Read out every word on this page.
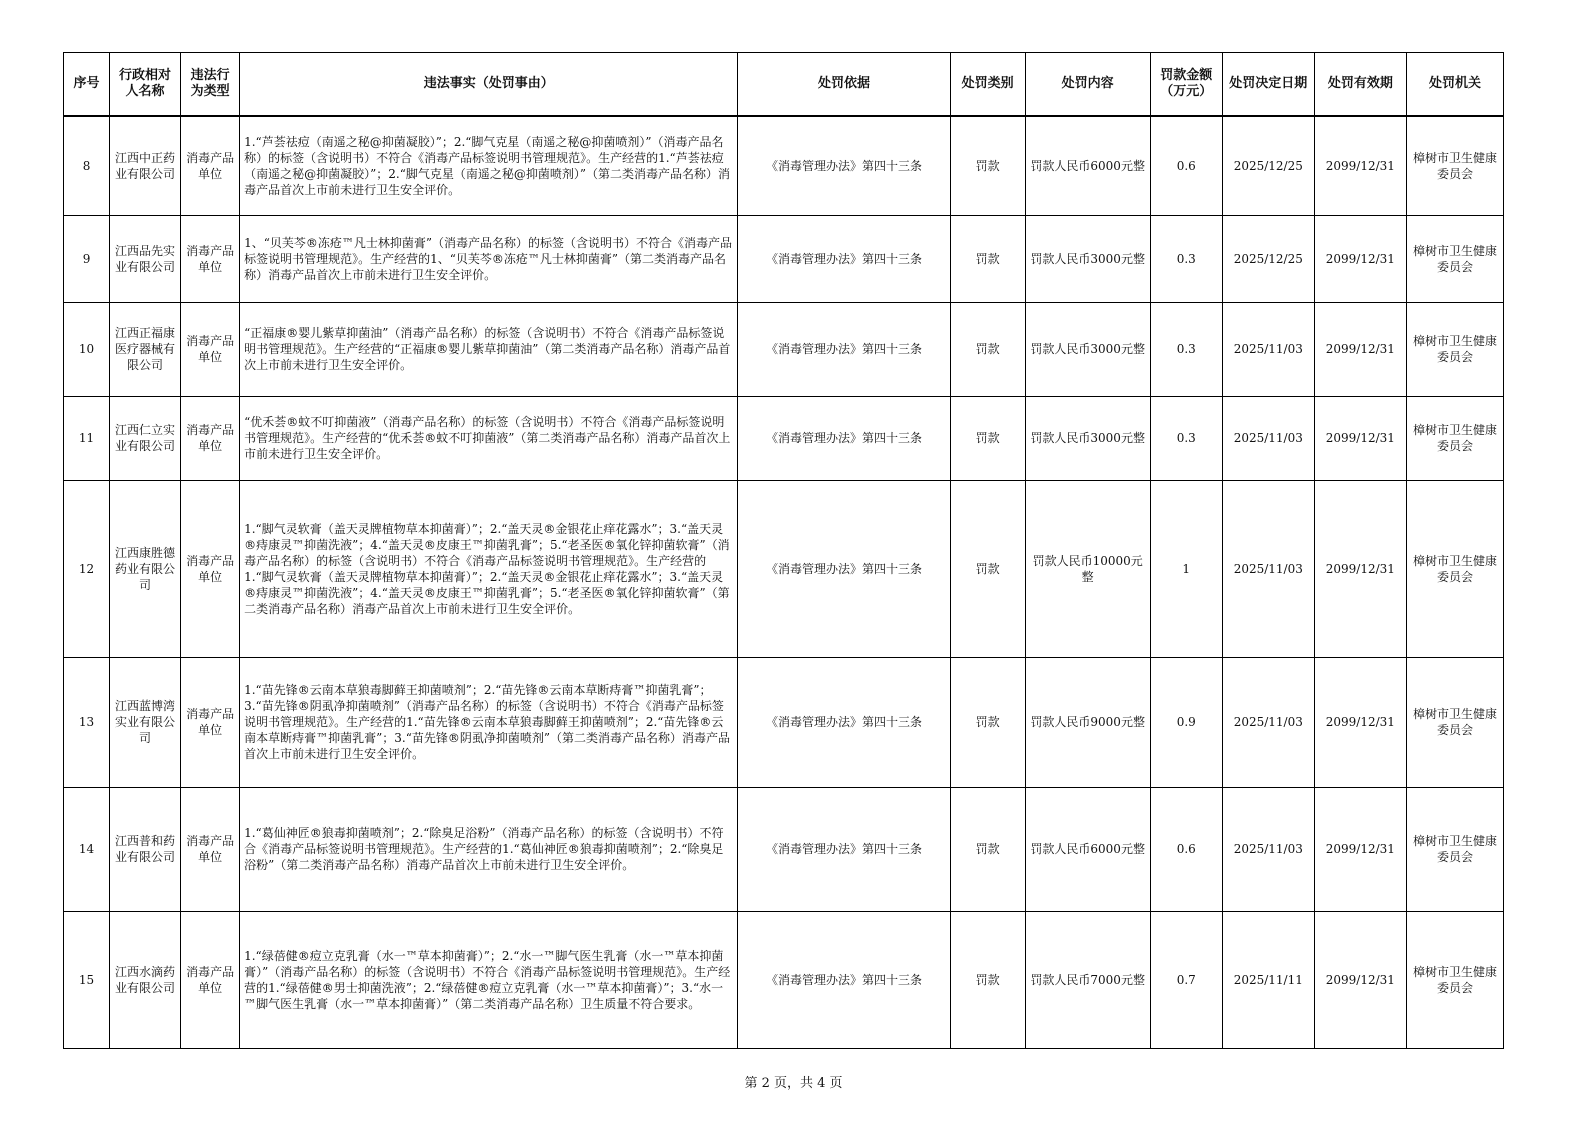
序号	行政相对人名称	违法行为类型	违法事实（处罚事由）	处罚依据	处罚类别	处罚内容	罚款金额（万元）	处罚决定日期	处罚有效期	处罚机关
8	江西中正药业有限公司	消毒产品单位	1.“芦荟祛痘（南遥之秘@抑菌凝胶）”；2.“脚气克星（南遥之秘@抑菌喷剂）”（消毒产品名称）的标签（含说明书）不符合《消毒产品标签说明书管理规范》。生产经营的1.“芦荟祛痘（南遥之秘@抑菌凝胶）”；2.“脚气克星（南遥之秘@抑菌喷剂）”（第二类消毒产品名称）消毒产品首次上市前未进行卫生安全评价。	《消毒管理办法》第四十三条	罚款	罚款人民币6000元整	0.6	2025/12/25	2099/12/31	樟树市卫生健康委员会
9	江西品先实业有限公司	消毒产品单位	1、“贝芙芩®冻疮™凡士林抑菌膏”（消毒产品名称）的标签（含说明书）不符合《消毒产品标签说明书管理规范》。生产经营的1、“贝芙芩®冻疮™凡士林抑菌膏”（第二类消毒产品名称）消毒产品首次上市前未进行卫生安全评价。	《消毒管理办法》第四十三条	罚款	罚款人民币3000元整	0.3	2025/12/25	2099/12/31	樟树市卫生健康委员会
10	江西正福康医疗器械有限公司	消毒产品单位	“正福康®婴儿紫草抑菌油”（消毒产品名称）的标签（含说明书）不符合《消毒产品标签说明书管理规范》。生产经营的“正福康®婴儿紫草抑菌油”（第二类消毒产品名称）消毒产品首次上市前未进行卫生安全评价。	《消毒管理办法》第四十三条	罚款	罚款人民币3000元整	0.3	2025/11/03	2099/12/31	樟树市卫生健康委员会
11	江西仁立实业有限公司	消毒产品单位	“优禾荟®蚊不叮抑菌液”（消毒产品名称）的标签（含说明书）不符合《消毒产品标签说明书管理规范》。生产经营的“优禾荟®蚊不叮抑菌液”（第二类消毒产品名称）消毒产品首次上市前未进行卫生安全评价。	《消毒管理办法》第四十三条	罚款	罚款人民币3000元整	0.3	2025/11/03	2099/12/31	樟树市卫生健康委员会
12	江西康胜德药业有限公司	消毒产品单位	1.“脚气灵软膏（盖天灵牌植物草本抑菌膏）”；2.“盖天灵®金银花止痒花露水”；3.“盖天灵®痔康灵™抑菌洗液”；4.“盖天灵®皮康王™抑菌乳膏”；5.“老圣医®氧化锌抑菌软膏”（消毒产品名称）的标签（含说明书）不符合《消毒产品标签说明书管理规范》。生产经营的1.“脚气灵软膏（盖天灵牌植物草本抑菌膏）”；2.“盖天灵®金银花止痒花露水”；3.“盖天灵®痔康灵™抑菌洗液”；4.“盖天灵®皮康王™抑菌乳膏”；5.“老圣医®氧化锌抑菌软膏”（第二类消毒产品名称）消毒产品首次上市前未进行卫生安全评价。	《消毒管理办法》第四十三条	罚款	罚款人民币10000元整	1	2025/11/03	2099/12/31	樟树市卫生健康委员会
13	江西蓝博湾实业有限公司	消毒产品单位	1.“苗先锋®云南本草狼毒脚藓王抑菌喷剂”；2.“苗先锋®云南本草断痔膏™抑菌乳膏”；3.“苗先锋®阴虱净抑菌喷剂”（消毒产品名称）的标签（含说明书）不符合《消毒产品标签说明书管理规范》。生产经营的1.“苗先锋®云南本草狼毒脚藓王抑菌喷剂”；2.“苗先锋®云南本草断痔膏™抑菌乳膏”；3.“苗先锋®阴虱净抑菌喷剂”（第二类消毒产品名称）消毒产品首次上市前未进行卫生安全评价。	《消毒管理办法》第四十三条	罚款	罚款人民币9000元整	0.9	2025/11/03	2099/12/31	樟树市卫生健康委员会
14	江西普和药业有限公司	消毒产品单位	1.“葛仙神匠®狼毒抑菌喷剂”；2.“除臭足浴粉”（消毒产品名称）的标签（含说明书）不符合《消毒产品标签说明书管理规范》。生产经营的1.“葛仙神匠®狼毒抑菌喷剂”；2.“除臭足浴粉”（第二类消毒产品名称）消毒产品首次上市前未进行卫生安全评价。	《消毒管理办法》第四十三条	罚款	罚款人民币6000元整	0.6	2025/11/03	2099/12/31	樟树市卫生健康委员会
15	江西水滴药业有限公司	消毒产品单位	1.“绿蓓健®痘立克乳膏（水一™草本抑菌膏）”；2.“水一™脚气医生乳膏（水一™草本抑菌膏）”（消毒产品名称）的标签（含说明书）不符合《消毒产品标签说明书管理规范》。生产经营的1.“绿蓓健®男士抑菌洗液”；2.“绿蓓健®痘立克乳膏（水一™草本抑菌膏）”；3.“水一™脚气医生乳膏（水一™草本抑菌膏）”（第二类消毒产品名称）卫生质量不符合要求。	《消毒管理办法》第四十三条	罚款	罚款人民币7000元整	0.7	2025/11/11	2099/12/31	樟树市卫生健康委员会
第 2 页，共 4 页
